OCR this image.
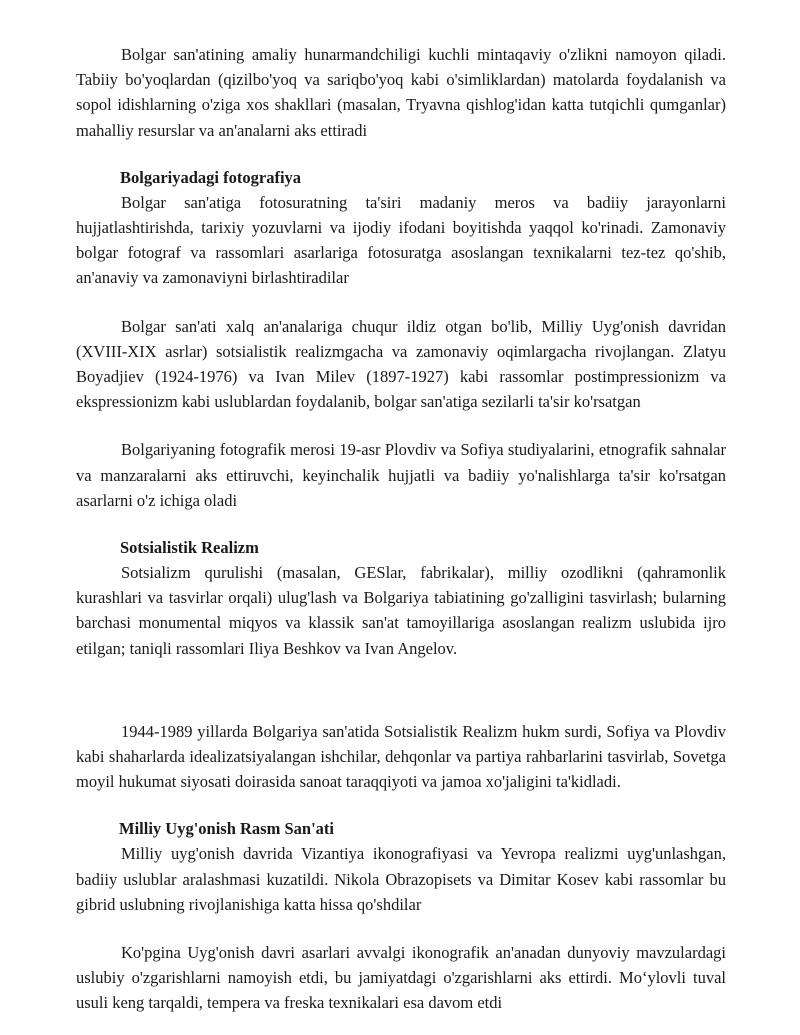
Bolgar san'atining amaliy hunarmandchiligi kuchli mintaqaviy o'zlikni namoyon qiladi. Tabiiy bo'yoqlardan (qizilbo'yoq va sariqbo'yoq kabi o'simliklardan) matolarda foydalanish va sopol idishlarning o'ziga xos shakllari (masalan, Tryavna qishlog'idan katta tutqichli qumganlar) mahalliy resurslar va an'analarni aks ettiradi

Bolgariyadagi fotografiya

Bolgar san'atiga fotosuratning ta'siri madaniy meros va badiiy jarayonlarni hujjatlashtirishda, tarixiy yozuvlarni va ijodiy ifodani boyitishda yaqqol ko'rinadi. Zamonaviy bolgar fotograf va rassomlari asarlariga fotosuratga asoslangan texnikalarni tez-tez qo'shib, an'anaviy va zamonaviyni birlashtiradilar

Bolgar san'ati xalq an'analariga chuqur ildiz otgan bo'lib, Milliy Uyg'onish davridan (XVIII-XIX asrlar) sotsialistik realizmgacha va zamonaviy oqimlargacha rivojlangan. Zlatyu Boyadjiev (1924-1976) va Ivan Milev (1897-1927) kabi rassomlar postimpressionizm va ekspressionizm kabi uslublardan foydalanib, bolgar san'atiga sezilarli ta'sir ko'rsatgan

Bolgariyaning fotografik merosi 19-asr Plovdiv va Sofiya studiyalarini, etnografik sahnalar va manzaralarni aks ettiruvchi, keyinchalik hujjatli va badiiy yo'nalishlarga ta'sir ko'rsatgan asarlarni o'z ichiga oladi

Sotsialistik Realizm

Sotsializm qurulishi (masalan, GESlar, fabrikalar), milliy ozodlikni (qahramonlik kurashlari va tasvirlar orqali) ulug'lash va Bolgariya tabiatining go'zalligini tasvirlash; bularning barchasi monumental miqyos va klassik san'at tamoyillariga asoslangan realizm uslubida ijro etilgan; taniqli rassomlari Iliya Beshkov va Ivan Angelov.

1944-1989 yillarda Bolgariya san'atida Sotsialistik Realizm hukm surdi, Sofiya va Plovdiv kabi shaharlarda idealizatsiyalangan ishchilar, dehqonlar va partiya rahbarlarini tasvirlab, Sovetga moyil hukumat siyosati doirasida sanoat taraqqiyoti va jamoa xo'jaligini ta'kidladi.

Milliy Uyg'onish Rasm San'ati

Milliy uyg'onish davrida Vizantiya ikonografiyasi va Yevropa realizmi uyg'unlashgan, badiiy uslublar aralashmasi kuzatildi. Nikola Obrazopisets va Dimitar Kosev kabi rassomlar bu gibrid uslubning rivojlanishiga katta hissa qo'shdilar

Ko'pgina Uyg'onish davri asarlari avvalgi ikonografik an'anadan dunyoviy mavzulardagi uslubiy o'zgarishlarni namoyish etdi, bu jamiyatdagi o'zgarishlarni aks ettirdi. Mo‘ylovli tuval usuli keng tarqaldi, tempera va freska texnikalari esa davom etdi
